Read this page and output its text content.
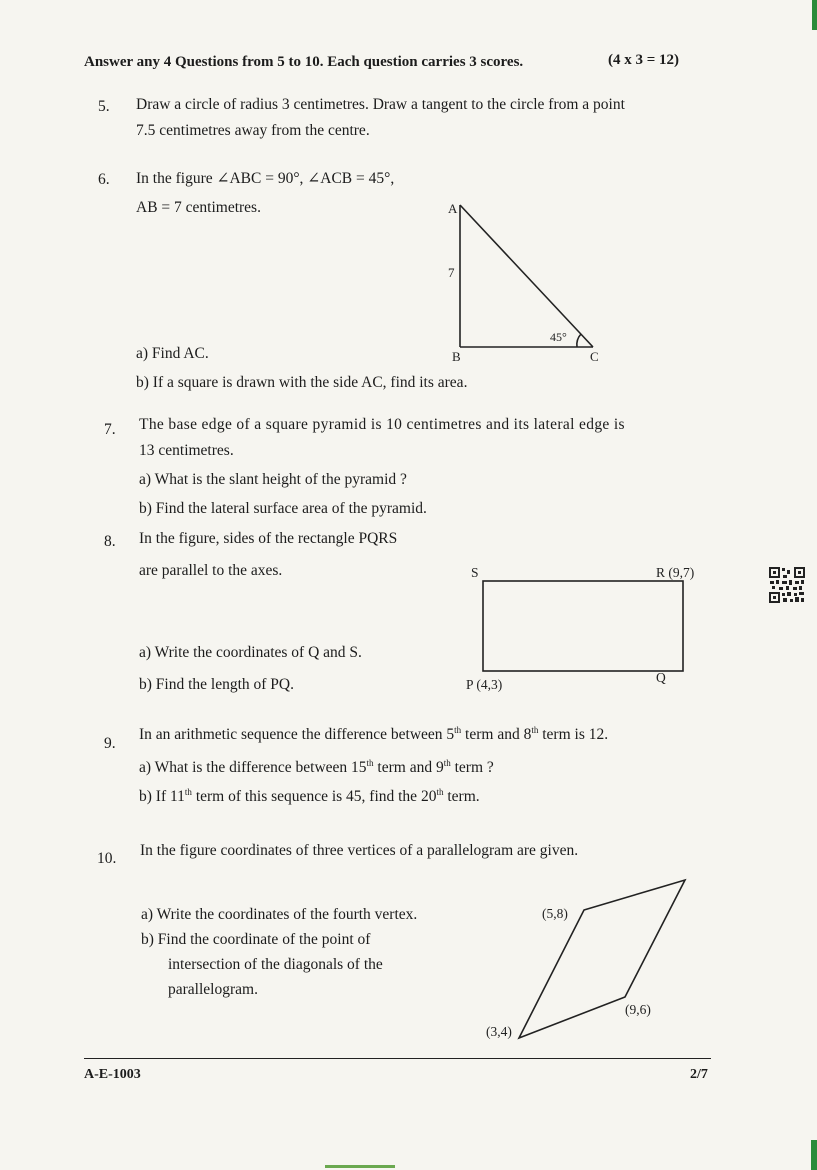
Answer any 4 Questions from 5 to 10. Each question carries 3 scores.	(4 x 3 = 12)
5. Draw a circle of radius 3 centimetres. Draw a tangent to the circle from a point
7.5 centimetres away from the centre.
6. In the figure ∠ABC = 90°, ∠ACB = 45°,
AB = 7 centimetres.
a) Find AC.
b) If a square is drawn with the side AC, find its area.
A
B	C
7
45°
7. The base edge of a square pyramid is 10 centimetres and its lateral edge is
13 centimetres.
a) What is the slant height of the pyramid ?
b) Find the lateral surface area of the pyramid.
8. In the figure, sides of the rectangle PQRS
are parallel to the axes.
a) Write the coordinates of Q and S.
b) Find the length of PQ.
S	R (9,7)
P (4,3)	Q
9.
In an arithmetic sequence the difference between 5th term and 8th term is 12.
a) What is the difference between 15th term and 9th term ?
b) If 11th term of this sequence is 45, find the 20th term.
10. In the figure coordinates of three vertices of a parallelogram are given.
a) Write the coordinates of the fourth vertex.
b) Find the coordinate of the point of
intersection of the diagonals of the
parallelogram.
(5,8)
(9,6)
(3,4)
A-E-1003	2/7
